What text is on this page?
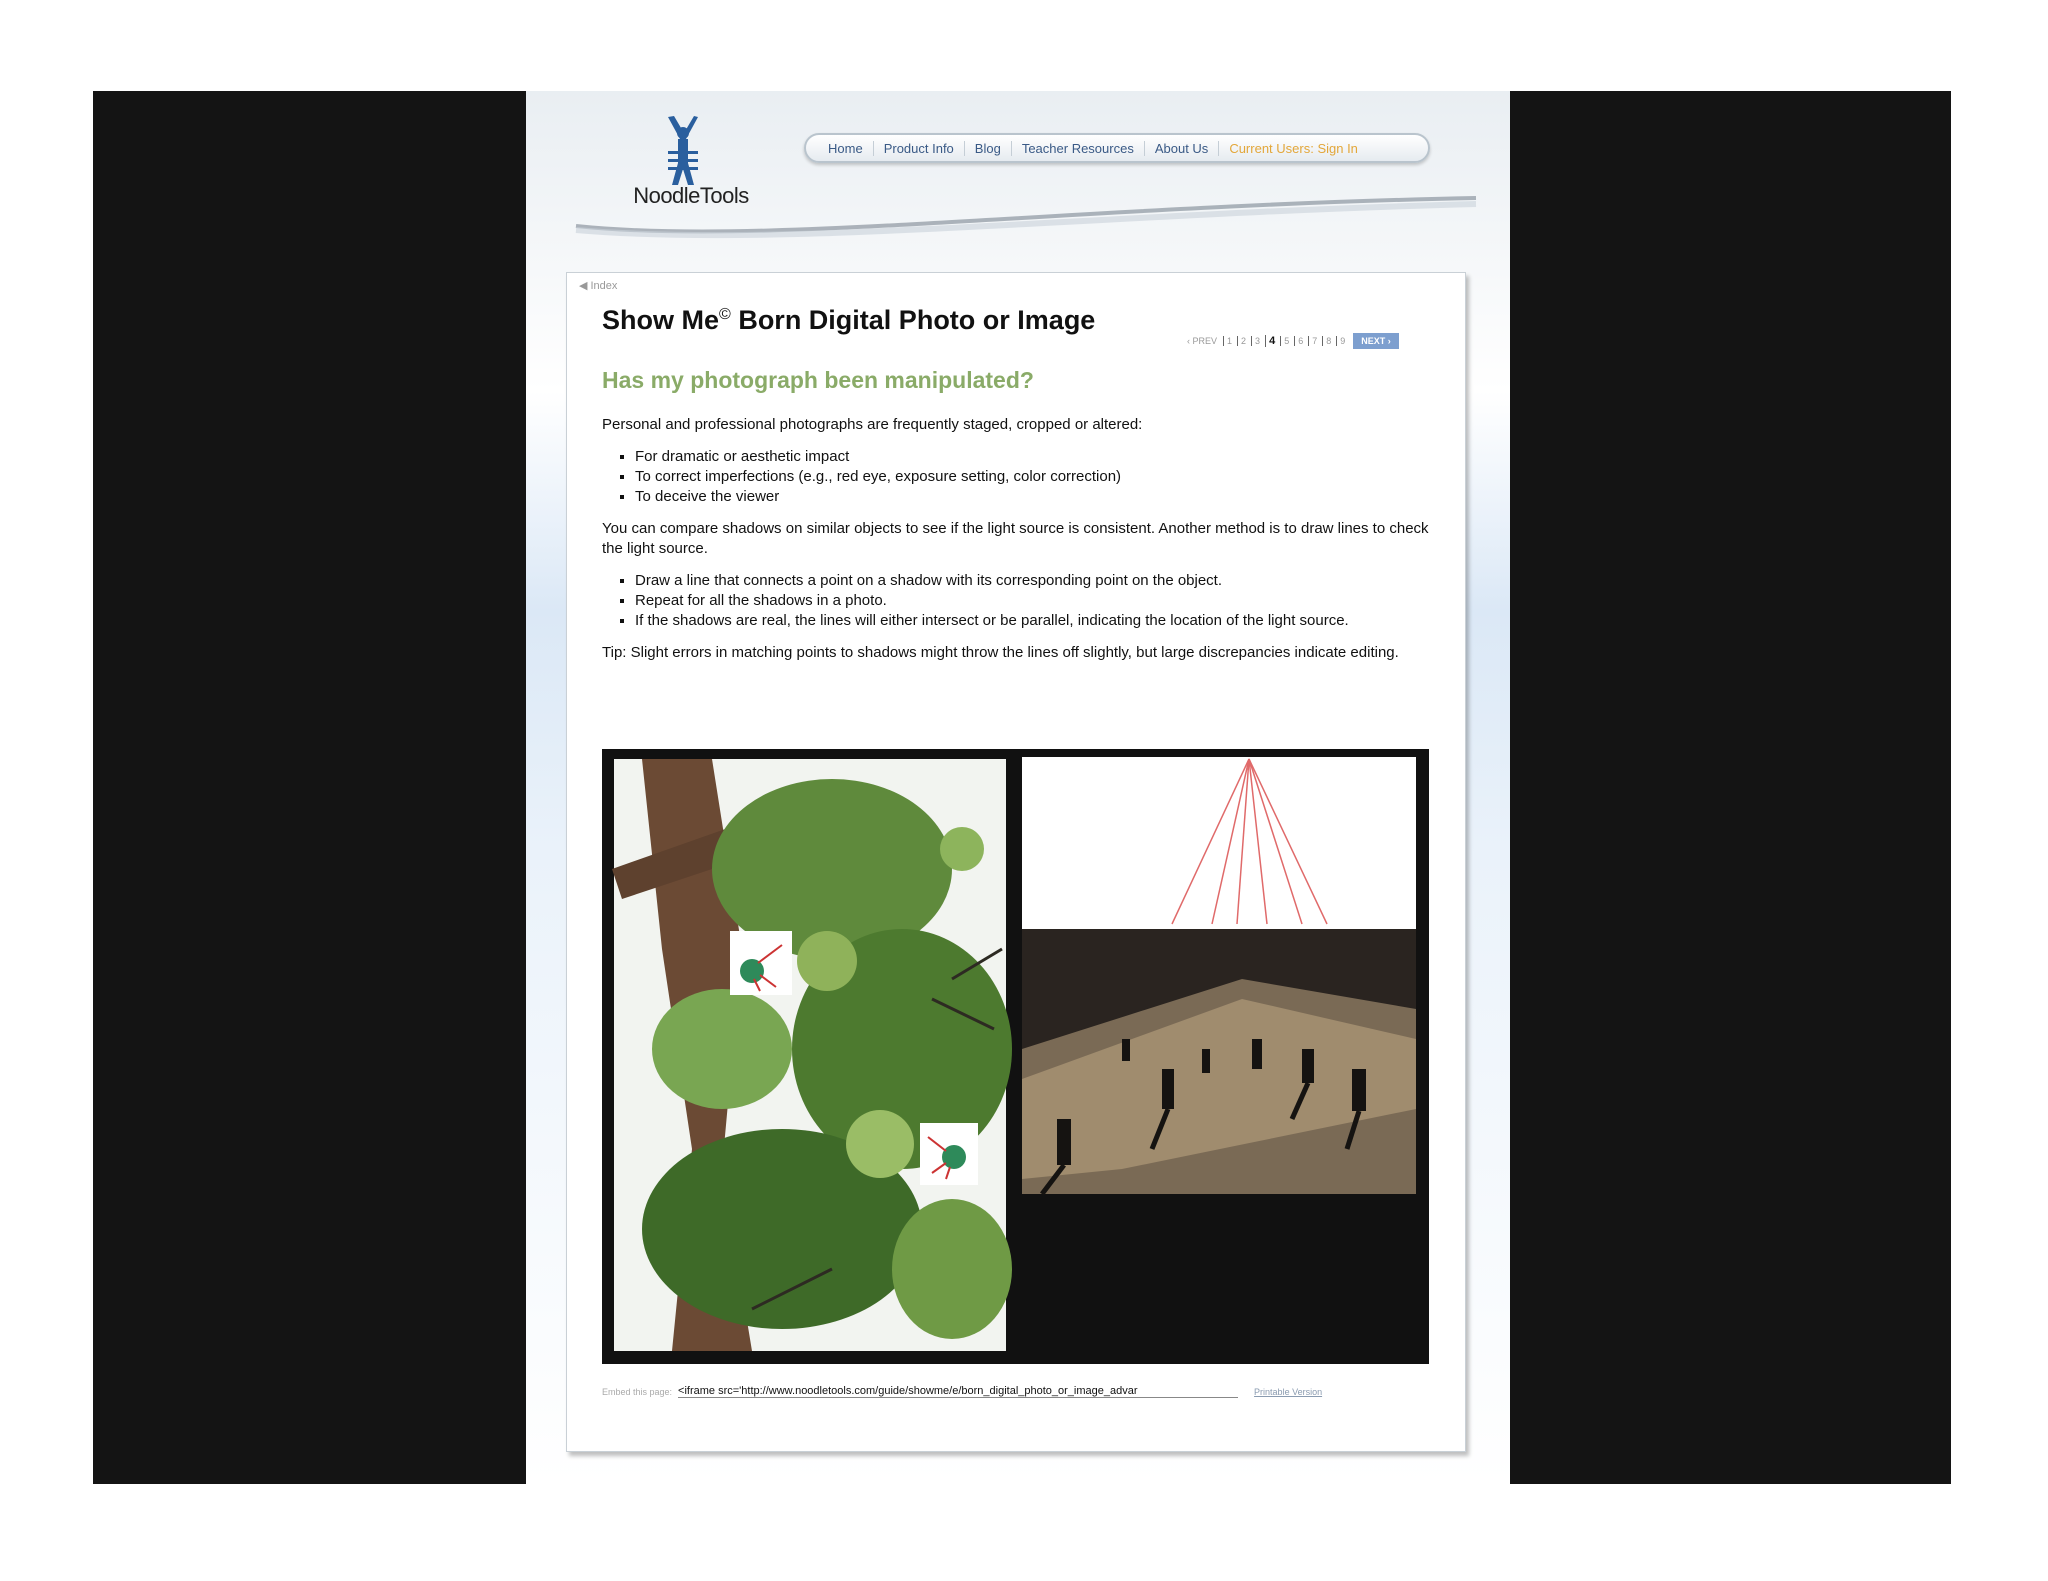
NoodleTools
Home	Product Info	Blog	Teacher Resources	About Us	Current Users: Sign In
◀ Index
Show Me© Born Digital Photo or Image
‹ PREV	1	2	3 4	5	6	7	8	9	NEXT ›
Has my photograph been manipulated?

Personal and professional photographs are frequently staged, cropped or altered:

▪ For dramatic or aesthetic impact
▪ To correct imperfections (e.g., red eye, exposure setting, color correction)
▪ To deceive the viewer

You can compare shadows on similar objects to see if the light source is consistent. Another method is to draw lines to check the light source.

▪ Draw a line that connects a point on a shadow with its corresponding point on the object.
▪ Repeat for all the shadows in a photo.
▪ If the shadows are real, the lines will either intersect or be parallel, indicating the location of the light source.

Tip: Slight errors in matching points to shadows might throw the lines off slightly, but large discrepancies indicate editing.

Embed this page: <iframe src='http://www.noodletools.com/guide/showme/e/born_digital_photo_or_image_advar	Printable Version
